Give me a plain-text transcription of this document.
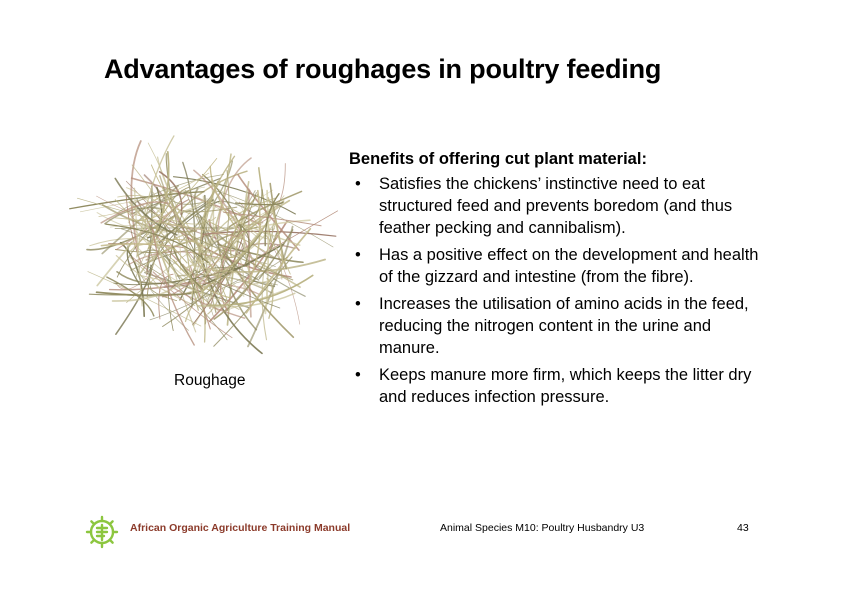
Advantages of roughages in poultry feeding
Roughage
Benefits of offering cut plant material:
• Satisfies the chickens’ instinctive need to eat structured feed and prevents boredom (and thus feather pecking and cannibalism).
• Has a positive effect on the development and health of the gizzard and intestine (from the fibre).
• Increases the utilisation of amino acids in the feed, reducing the nitrogen content in the urine and manure.
• Keeps manure more firm, which keeps the litter dry and reduces infection pressure.
African Organic Agriculture Training Manual	Animal Species M10: Poultry Husbandry U3	43
